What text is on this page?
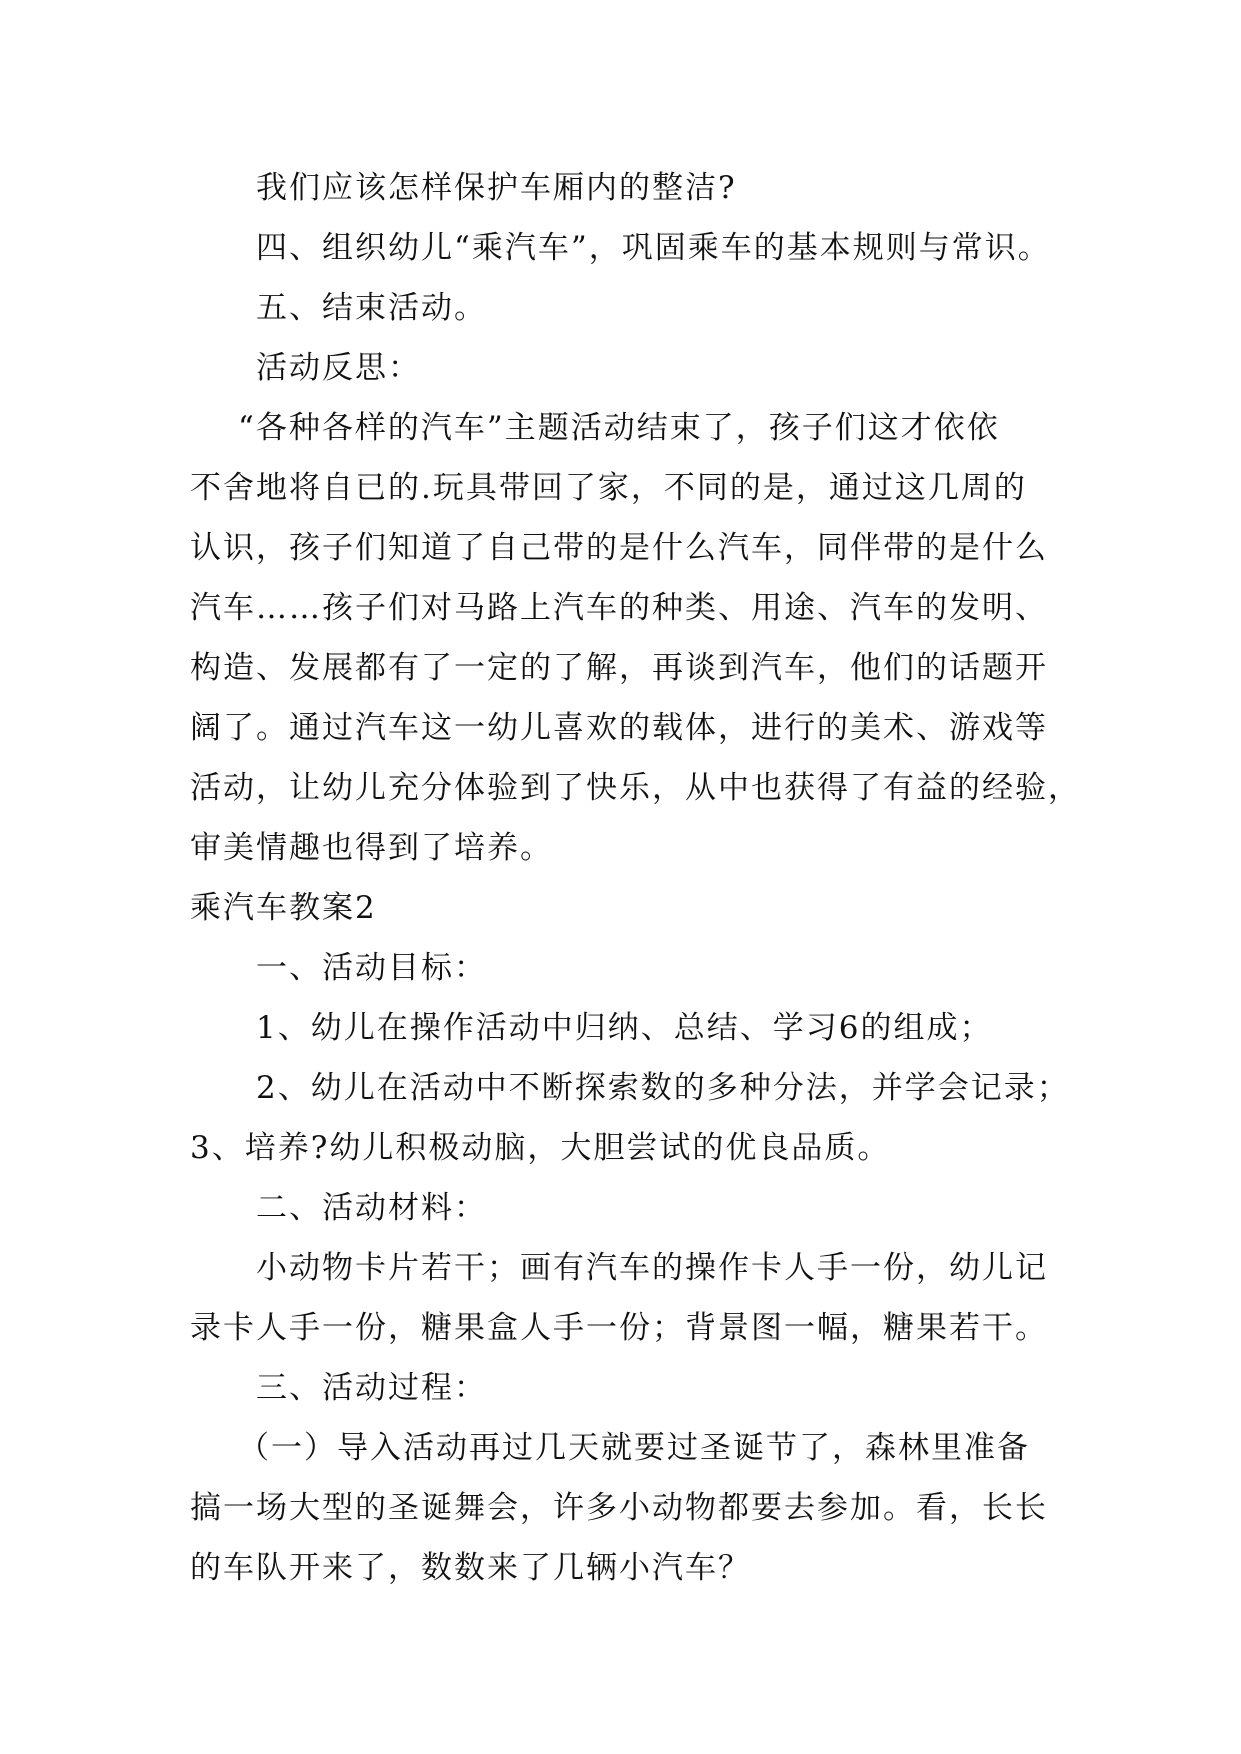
我们应该怎样保护车厢内的整洁?

四、组织幼儿“乘汽车”，巩固乘车的基本规则与常识。

五、结束活动。

活动反思：

“各种各样的汽车”主题活动结束了，孩子们这才依依

不舍地将自已的.玩具带回了家，不同的是，通过这几周的

认识，孩子们知道了自己带的是什么汽车，同伴带的是什么

汽车……孩子们对马路上汽车的种类、用途、汽车的发明、

构造、发展都有了一定的了解，再谈到汽车，他们的话题开

阔了。通过汽车这一幼儿喜欢的载体，进行的美术、游戏等

活动，让幼儿充分体验到了快乐，从中也获得了有益的经验，

审美情趣也得到了培养。

乘汽车教案2

一、活动目标：

1、幼儿在操作活动中归纳、总结、学习6的组成；

2、幼儿在活动中不断探索数的多种分法，并学会记录；

3、培养?幼儿积极动脑，大胆尝试的优良品质。

二、活动材料：

小动物卡片若干；画有汽车的操作卡人手一份，幼儿记

录卡人手一份，糖果盒人手一份；背景图一幅，糖果若干。

三、活动过程：

（一）导入活动再过几天就要过圣诞节了，森林里准备

搞一场大型的圣诞舞会，许多小动物都要去参加。看，长长

的车队开来了，数数来了几辆小汽车？
